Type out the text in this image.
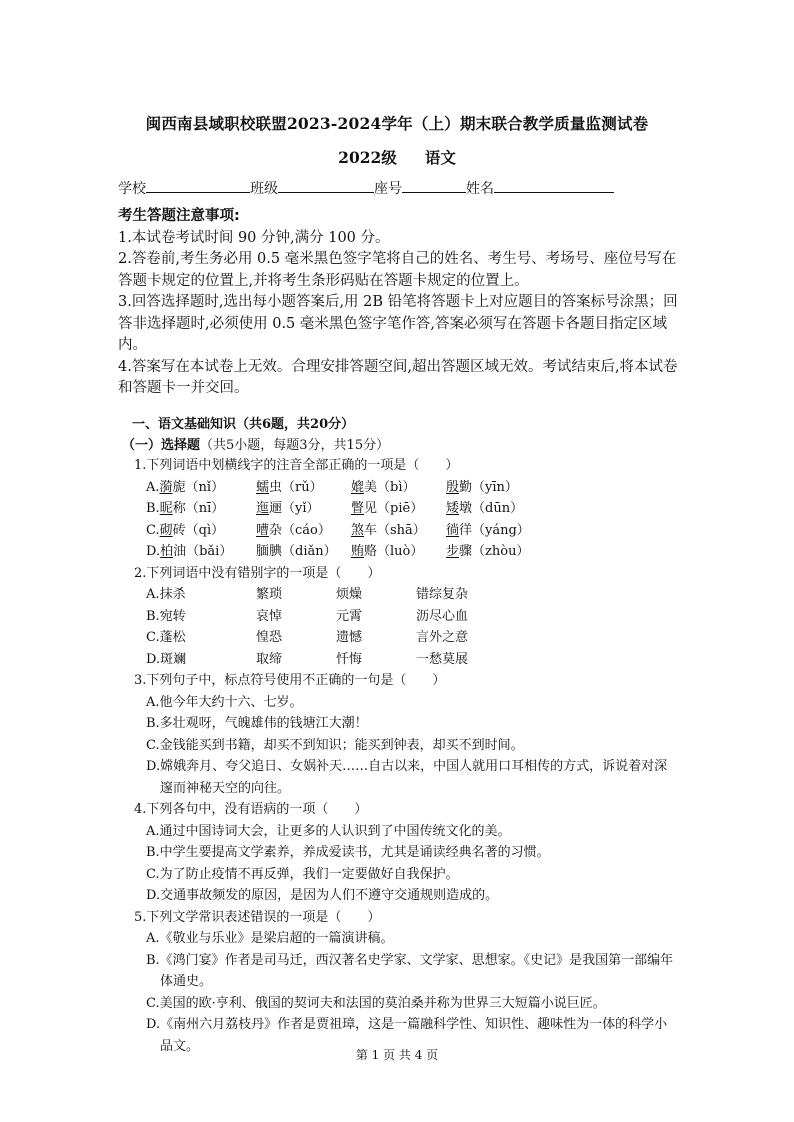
闽西南县域职校联盟2023-2024学年（上）期末联合教学质量监测试卷
2022级 语文
学校	班级	座号	姓名

考生答题注意事项:

1.本试卷考试时间 90 分钟,满分 100 分。

2.答卷前,考生务必用 0.5 毫米黑色签字笔将自己的姓名、考生号、考场号、座位号写在答题卡规定的位置上,并将考生条形码贴在答题卡规定的位置上。

3.回答选择题时,选出每小题答案后,用 2B 铅笔将答题卡上对应题目的答案标号涂黑；回答非选择题时,必须使用 0.5 毫米黑色签字笔作答,答案必须写在答题卡各题目指定区域内。

4.答案写在本试卷上无效。合理安排答题空间,超出答题区域无效。考试结束后,将本试卷和答题卡一并交回。

一、语文基础知识（共6题，共20分）
（一）选择题（共5小题，每题3分，共15分）

1.下列词语中划横线字的注音全部正确的一项是（　　）

A.漪旎（nǐ）	蠕虫（rǔ）	媲美（bì）	殷勤（yīn）
B.昵称（nī）	迤逦（yǐ）	瞥见（piē）	矮墩（dūn）
C.砌砖（qì）	嘈杂（cáo）	煞车（shā）	徜徉（yáng）
D.柏油（bǎi）	腼腆（diǎn）	贿赂（luò）	步骤（zhòu）

2.下列词语中没有错别字的一项是（　　）

A.抹杀	繁琐	烦燥	错综复杂
B.宛转	哀悼	元霄	沥尽心血
C.蓬松	惶恐	遗憾	言外之意
D.斑斓	取缔	忏悔	一愁莫展

3.下列句子中，标点符号使用不正确的一句是（　　）

A.他今年大约十六、七岁。

B.多壮观呀，气魄雄伟的钱塘江大潮！

C.金钱能买到书籍，却买不到知识；能买到钟表，却买不到时间。

D.嫦娥奔月、夸父追日、女娲补天……自古以来，中国人就用口耳相传的方式，诉说着对深邃而神秘天空的向往。

4.下列各句中，没有语病的一项（　　）

A.通过中国诗词大会，让更多的人认识到了中国传统文化的美。

B.中学生要提高文学素养，养成爱读书，尤其是诵读经典名著的习惯。

C.为了防止疫情不再反弹，我们一定要做好自我保护。

D.交通事故频发的原因，是因为人们不遵守交通规则造成的。

5.下列文学常识表述错误的一项是（　　）

A.《敬业与乐业》是梁启超的一篇演讲稿。

B.《鸿门宴》作者是司马迁，西汉著名史学家、文学家、思想家。《史记》是我国第一部编年体通史。

C.美国的欧·亨利、俄国的契诃夫和法国的莫泊桑并称为世界三大短篇小说巨匠。

D.《南州六月荔枝丹》作者是贾祖璋，这是一篇融科学性、知识性、趣味性为一体的科学小品文。

第 1 页 共 4 页
